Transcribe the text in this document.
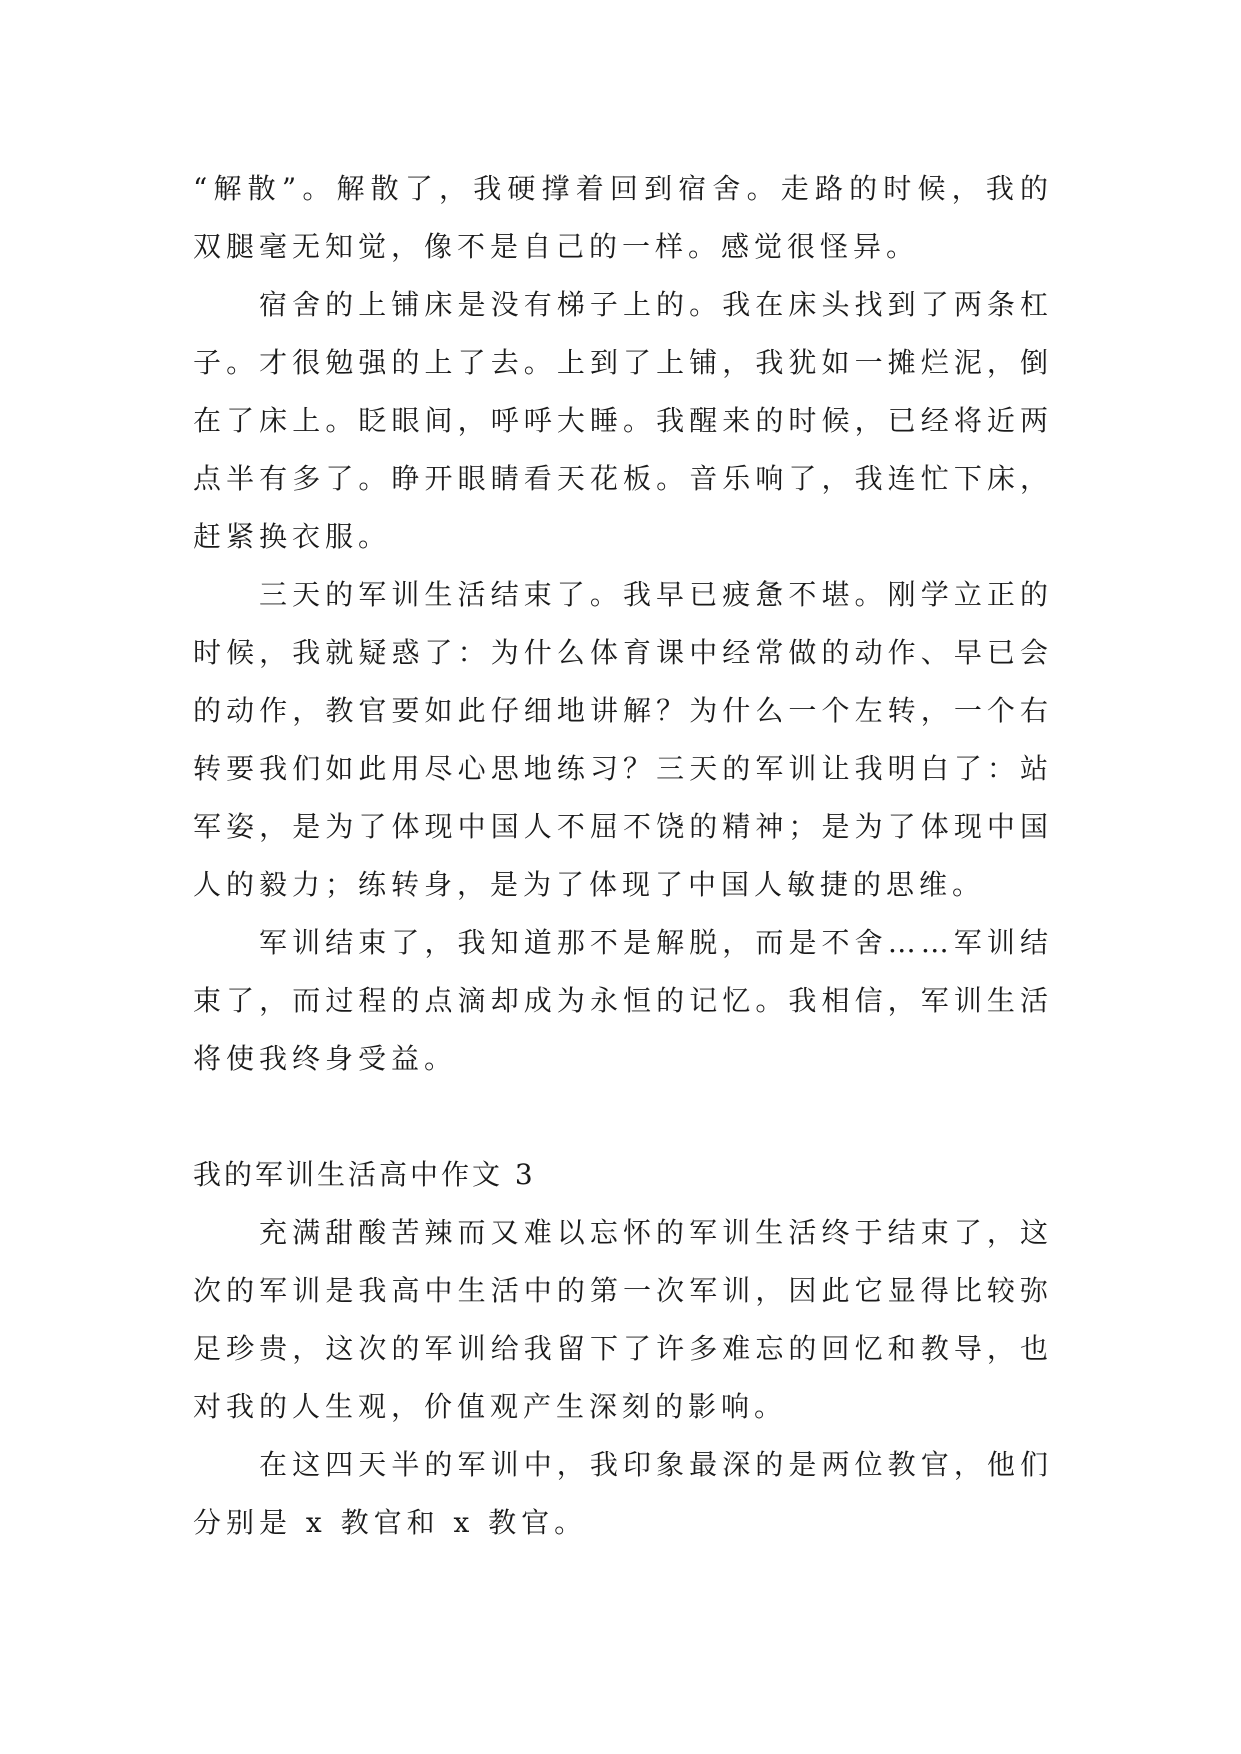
“解散”。解散了，我硬撑着回到宿舍。走路的时候，我的双腿毫无知觉，像不是自己的一样。感觉很怪异。

宿舍的上铺床是没有梯子上的。我在床头找到了两条杠子。才很勉强的上了去。上到了上铺，我犹如一摊烂泥，倒在了床上。眨眼间，呼呼大睡。我醒来的时候，已经将近两点半有多了。睁开眼睛看天花板。音乐响了，我连忙下床，赶紧换衣服。

三天的军训生活结束了。我早已疲惫不堪。刚学立正的时候，我就疑惑了：为什么体育课中经常做的动作、早已会的动作，教官要如此仔细地讲解？为什么一个左转，一个右转要我们如此用尽心思地练习？三天的军训让我明白了：站军姿，是为了体现中国人不屈不饶的精神；是为了体现中国人的毅力；练转身，是为了体现了中国人敏捷的思维。

军训结束了，我知道那不是解脱，而是不舍……军训结束了，而过程的点滴却成为永恒的记忆。我相信，军训生活将使我终身受益。

我的军训生活高中作文 3

充满甜酸苦辣而又难以忘怀的军训生活终于结束了，这次的军训是我高中生活中的第一次军训，因此它显得比较弥足珍贵，这次的军训给我留下了许多难忘的回忆和教导，也对我的人生观，价值观产生深刻的影响。

在这四天半的军训中，我印象最深的是两位教官，他们分别是 x 教官和 x 教官。
